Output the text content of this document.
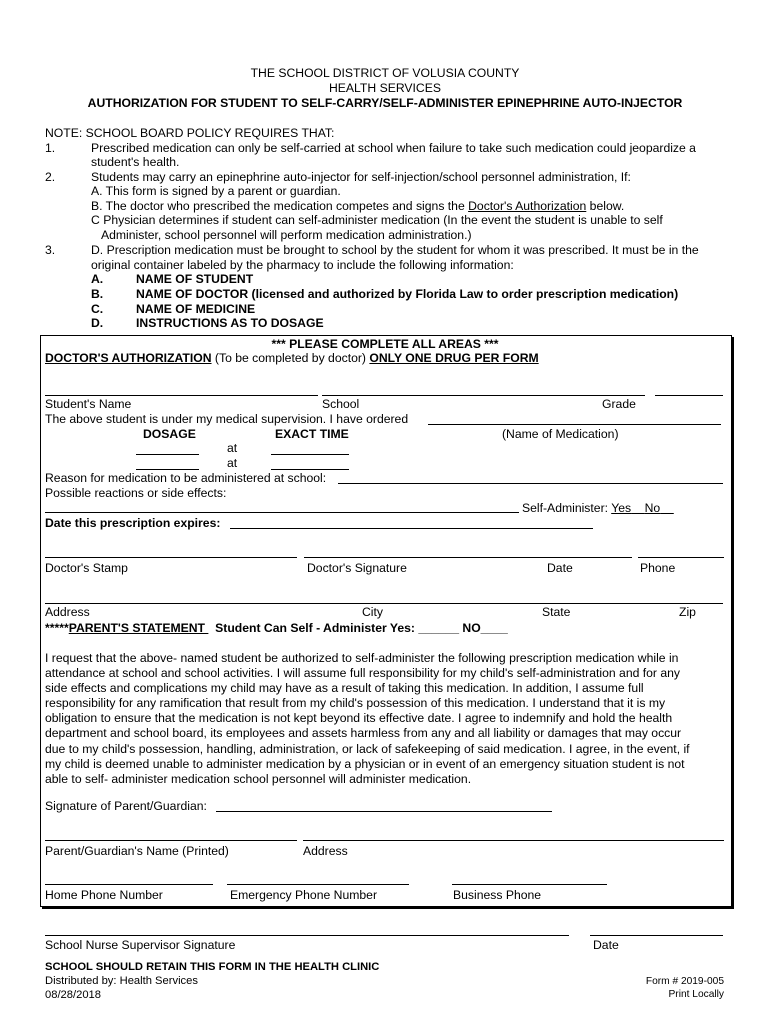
THE SCHOOL DISTRICT OF VOLUSIA COUNTY
HEALTH SERVICES
AUTHORIZATION FOR STUDENT TO SELF-CARRY/SELF-ADMINISTER EPINEPHRINE AUTO-INJECTOR
NOTE: SCHOOL BOARD POLICY REQUIRES THAT:
1.	Prescribed medication can only be self-carried at school when failure to take such medication could jeopardize a
student's health.
2.	Students may carry an epinephrine auto-injector for self-injection/school personnel administration, If:
A. This form is signed by a parent or guardian.
B. The doctor who prescribed the medication competes and signs the Doctor's Authorization below.
C Physician determines if student can self-administer medication (In the event the student is unable to self
Administer, school personnel will perform medication administration.)
3.	D. Prescription medication must be brought to school by the student for whom it was prescribed. It must be in the
original container labeled by the pharmacy to include the following information:
A.	NAME OF STUDENT
B.	NAME OF DOCTOR (licensed and authorized by Florida Law to order prescription medication)
C.	NAME OF MEDICINE
D.	INSTRUCTIONS AS TO DOSAGE
*** PLEASE COMPLETE ALL AREAS ***
DOCTOR'S AUTHORIZATION (To be completed by doctor) ONLY ONE DRUG PER FORM
Student's Name	School	Grade
The above student is under my medical supervision. I have ordered
DOSAGE	EXACT TIME	(Name of Medication)
at
at
Reason for medication to be administered at school:
Possible reactions or side effects:
Self-Administer: Yes No
Date this prescription expires:
Doctor's Stamp	Doctor's Signature	Date	Phone
Address	City	State	Zip
*****PARENT'S STATEMENT Student Can Self - Administer Yes: ______ NO____
I request that the above- named student be authorized to self-administer the following prescription medication while in
attendance at school and school activities. I will assume full responsibility for my child's self-administration and for any
side effects and complications my child may have as a result of taking this medication. In addition, I assume full
responsibility for any ramification that result from my child's possession of this medication. I understand that it is my
obligation to ensure that the medication is not kept beyond its effective date. I agree to indemnify and hold the health
department and school board, its employees and assets harmless from any and all liability or damages that may occur
due to my child's possession, handling, administration, or lack of safekeeping of said medication. I agree, in the event, if
my child is deemed unable to administer medication by a physician or in event of an emergency situation student is not
able to self- administer medication school personnel will administer medication.
Signature of Parent/Guardian:
Parent/Guardian's Name (Printed)	Address
Home Phone Number	Emergency Phone Number	Business Phone
School Nurse Supervisor Signature	Date
SCHOOL SHOULD RETAIN THIS FORM IN THE HEALTH CLINIC
Distributed by: Health Services
08/28/2018
Form # 2019-005
Print Locally
